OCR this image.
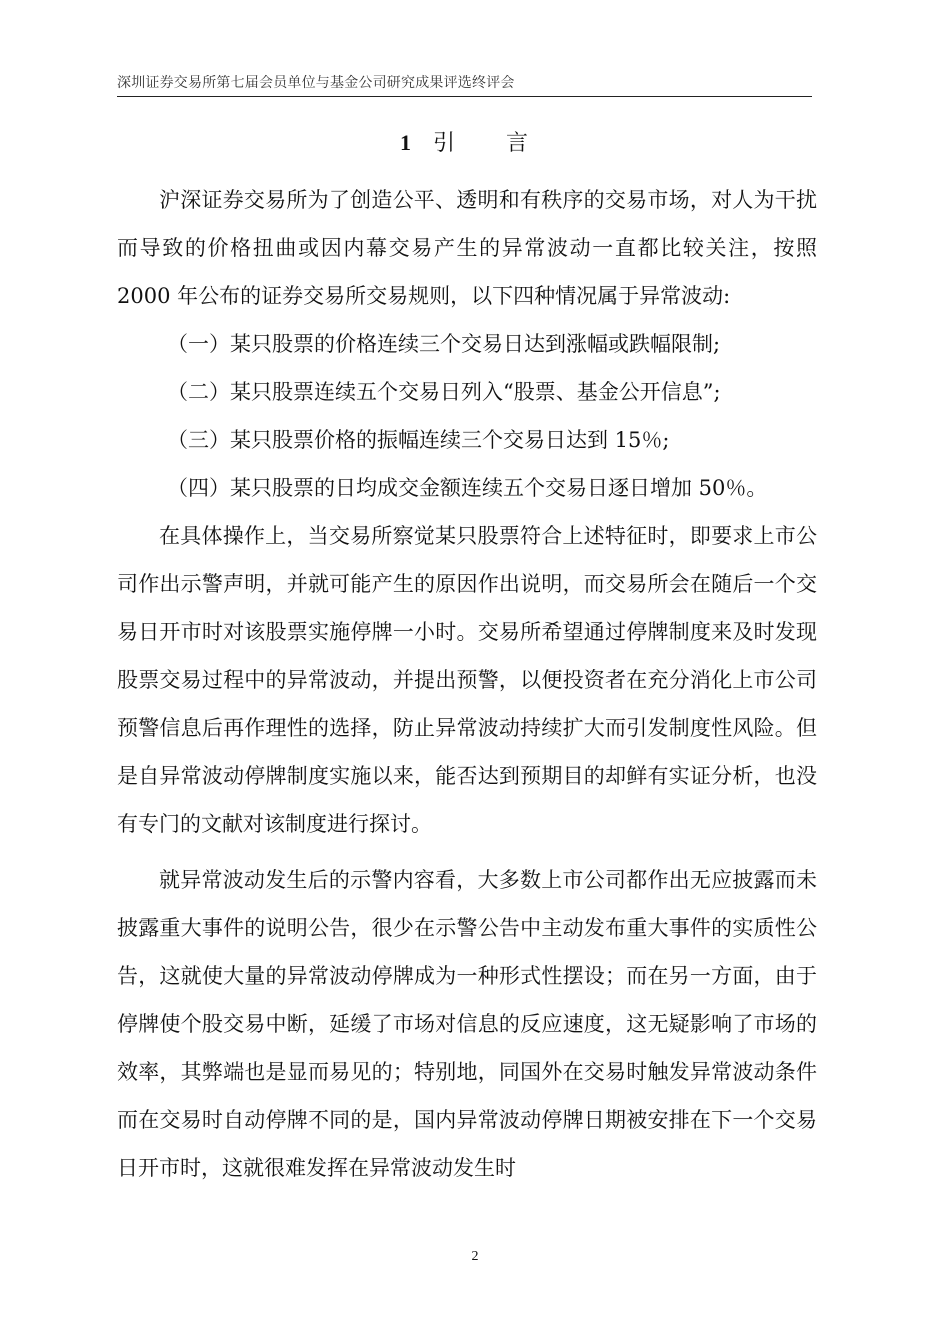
深圳证券交易所第七届会员单位与基金公司研究成果评选终评会
1 引 言

沪深证券交易所为了创造公平、透明和有秩序的交易市场，对人为干扰而导致的价格扭曲或因内幕交易产生的异常波动一直都比较关注，按照 2000 年公布的证券交易所交易规则，以下四种情况属于异常波动:

（一）某只股票的价格连续三个交易日达到涨幅或跌幅限制;

（二）某只股票连续五个交易日列入“股票、基金公开信息”;

（三）某只股票价格的振幅连续三个交易日达到 15％;

（四）某只股票的日均成交金额连续五个交易日逐日增加 50％。

在具体操作上，当交易所察觉某只股票符合上述特征时，即要求上市公司作出示警声明，并就可能产生的原因作出说明，而交易所会在随后一个交易日开市时对该股票实施停牌一小时。交易所希望通过停牌制度来及时发现股票交易过程中的异常波动，并提出预警，以便投资者在充分消化上市公司预警信息后再作理性的选择，防止异常波动持续扩大而引发制度性风险。但是自异常波动停牌制度实施以来，能否达到预期目的却鲜有实证分析，也没有专门的文献对该制度进行探讨。

就异常波动发生后的示警内容看，大多数上市公司都作出无应披露而未披露重大事件的说明公告，很少在示警公告中主动发布重大事件的实质性公告，这就使大量的异常波动停牌成为一种形式性摆设；而在另一方面，由于停牌使个股交易中断，延缓了市场对信息的反应速度，这无疑影响了市场的效率，其弊端也是显而易见的；特别地，同国外在交易时触发异常波动条件而在交易时自动停牌不同的是，国内异常波动停牌日期被安排在下一个交易日开市时，这就很难发挥在异常波动发生时

2
